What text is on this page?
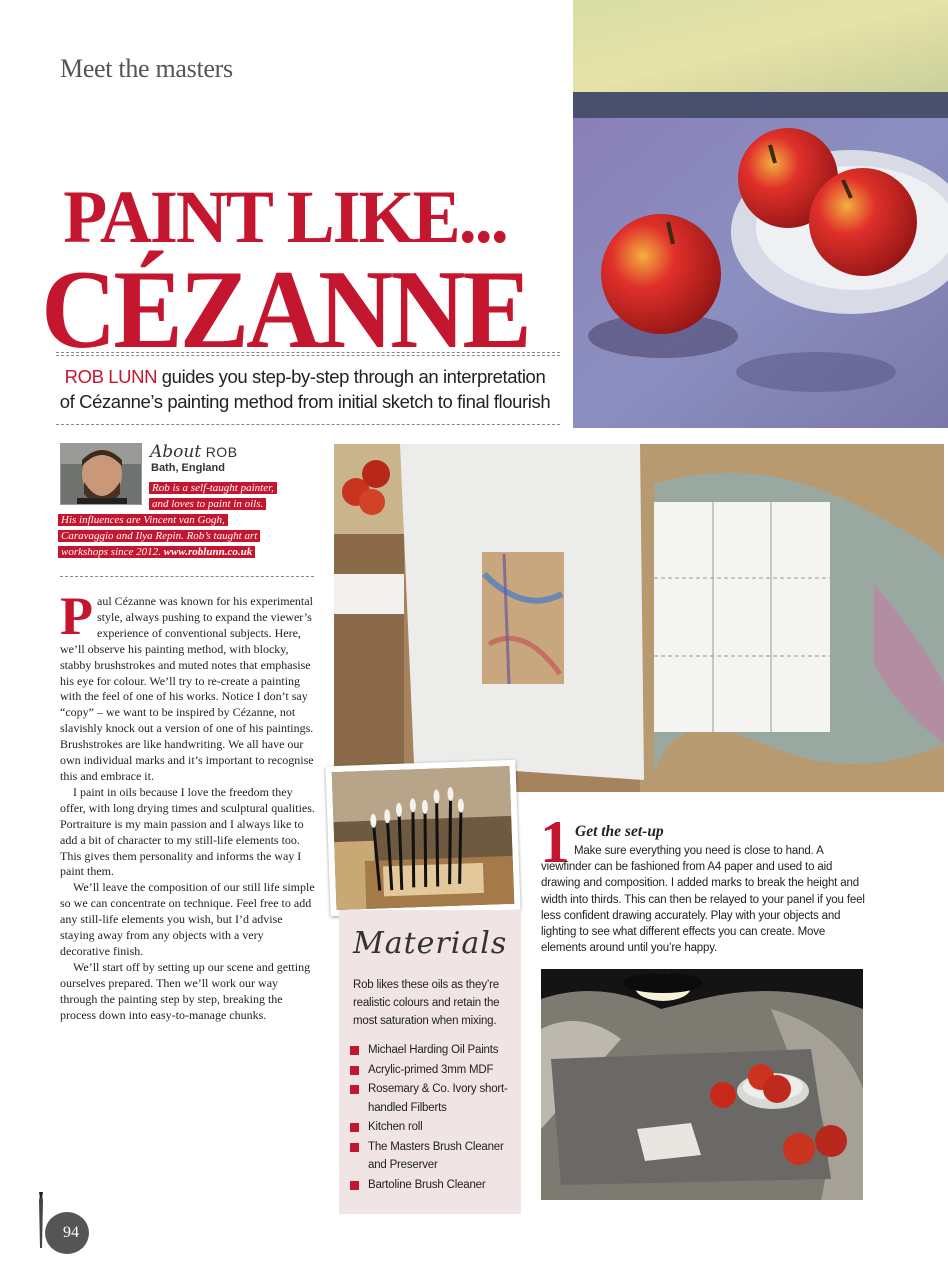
Meet the masters
PAINT LIKE...
CÉZANNE
ROB LUNN guides you step-by-step through an interpretation
of Cézanne’s painting method from initial sketch to final flourish
About ROB
Bath, England
Rob is a self-taught painter,
and loves to paint in oils.
His influences are Vincent van Gogh,
Caravaggio and Ilya Repin. Rob’s taught art
workshops since 2012. www.roblunn.co.uk

Paul Cézanne was known for his experimental style, always pushing to expand the viewer’s experience of conventional subjects. Here, we’ll observe his painting method, with blocky, stabby brushstrokes and muted notes that emphasise his eye for colour. We’ll try to re-create a painting with the feel of one of his works. Notice I don’t say “copy” – we want to be inspired by Cézanne, not slavishly knock out a version of one of his paintings. Brushstrokes are like handwriting. We all have our own individual marks and it’s important to recognise this and embrace it.

I paint in oils because I love the freedom they offer, with long drying times and sculptural qualities. Portraiture is my main passion and I always like to add a bit of character to my still-life elements too. This gives them personality and informs the way I paint them.

We’ll leave the composition of our still life simple so we can concentrate on technique. Feel free to add any still-life elements you wish, but I’d advise staying away from any objects with a very decorative finish.

We’ll start off by setting up our scene and getting ourselves prepared. Then we’ll work our way through the painting step by step, breaking the process down into easy-to-manage chunks.

Materials
Rob likes these oils as they’re realistic colours and retain the most saturation when mixing.
Michael Harding Oil Paints
Acrylic-primed 3mm MDF
Rosemary & Co. Ivory short-handled Filberts
Kitchen roll
The Masters Brush Cleaner and Preserver
Bartoline Brush Cleaner
1 Get the set-up
Make sure everything you need is close to hand. A viewfinder can be fashioned from A4 paper and used to aid drawing and composition. I added marks to break the height and width into thirds. This can then be relayed to your panel if you feel less confident drawing accurately. Play with your objects and lighting to see what different effects you can create. Move elements around until you’re happy.
94
